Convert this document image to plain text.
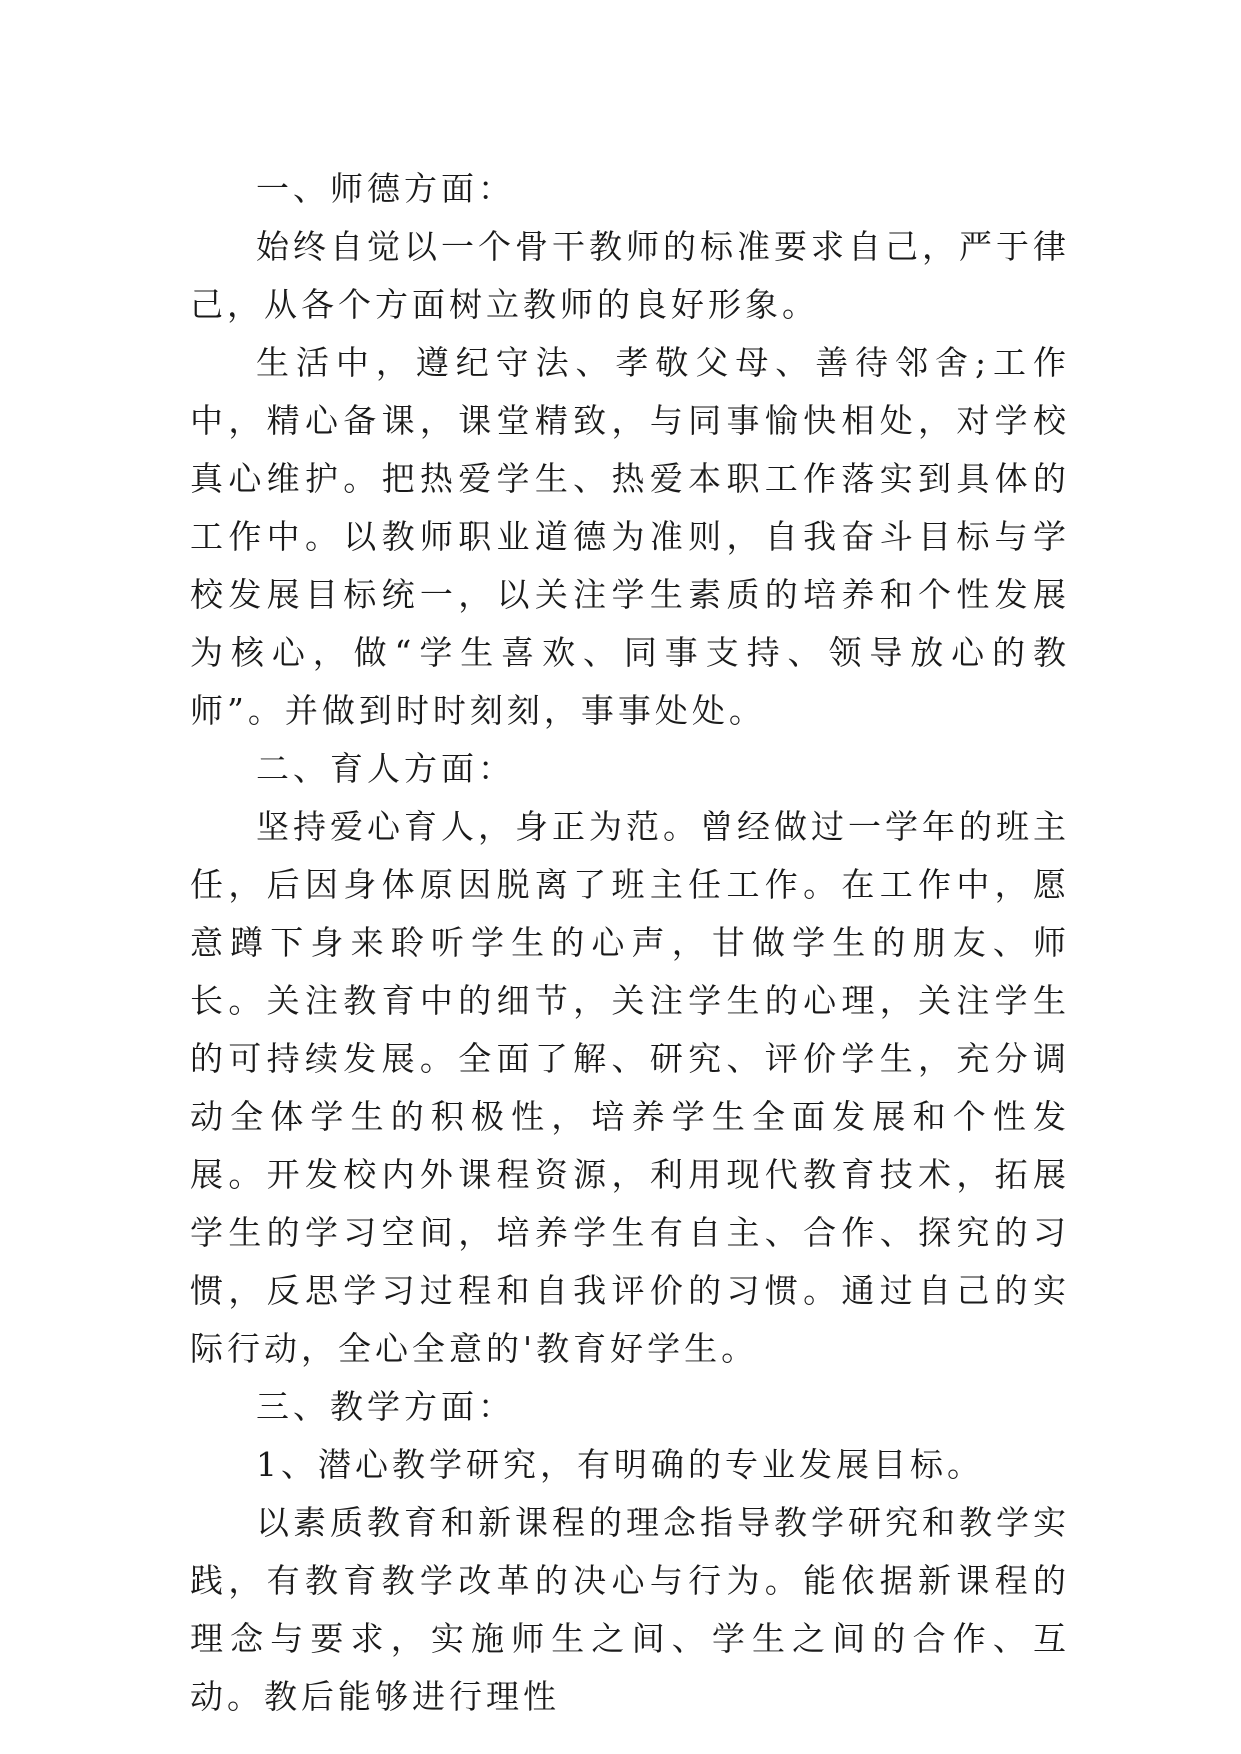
一、师德方面：

始终自觉以一个骨干教师的标准要求自己，严于律己，从各个方面树立教师的良好形象。

生活中，遵纪守法、孝敬父母、善待邻舍;工作中，精心备课，课堂精致，与同事愉快相处，对学校真心维护。把热爱学生、热爱本职工作落实到具体的工作中。以教师职业道德为准则，自我奋斗目标与学校发展目标统一，以关注学生素质的培养和个性发展为核心，做“学生喜欢、同事支持、领导放心的教师”。并做到时时刻刻，事事处处。

二、育人方面：

坚持爱心育人，身正为范。曾经做过一学年的班主任，后因身体原因脱离了班主任工作。在工作中，愿意蹲下身来聆听学生的心声，甘做学生的朋友、师长。关注教育中的细节，关注学生的心理，关注学生的可持续发展。全面了解、研究、评价学生，充分调动全体学生的积极性，培养学生全面发展和个性发展。开发校内外课程资源，利用现代教育技术，拓展学生的学习空间，培养学生有自主、合作、探究的习惯，反思学习过程和自我评价的习惯。通过自己的实际行动，全心全意的'教育好学生。

三、教学方面：

1、潜心教学研究，有明确的专业发展目标。

以素质教育和新课程的理念指导教学研究和教学实践，有教育教学改革的决心与行为。能依据新课程的理念与要求，实施师生之间、学生之间的合作、互动。教后能够进行理性
